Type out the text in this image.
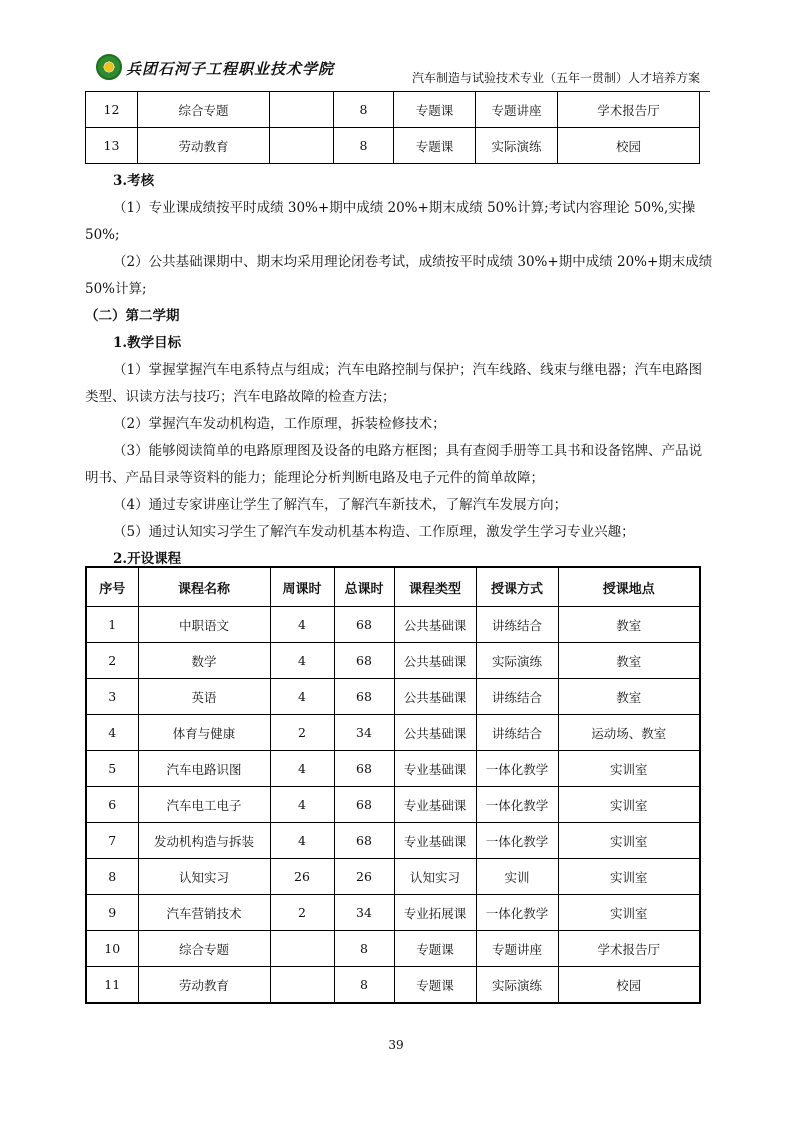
兵团石河子工程职业技术学院	汽车制造与试验技术专业（五年一贯制）人才培养方案
12	综合专题		8	专题课	专题讲座	学术报告厅
13	劳动教育		8	专题课	实际演练	校园
3.考核
（1）专业课成绩按平时成绩 30%+期中成绩 20%+期末成绩 50%计算;考试内容理论 50%,实操 50%;
（2）公共基础课期中、期末均采用理论闭卷考试，成绩按平时成绩 30%+期中成绩 20%+期末成绩 50%计算;
（二）第二学期
1.教学目标
（1）掌握掌握汽车电系特点与组成；汽车电路控制与保护；汽车线路、线束与继电器；汽车电路图类型、识读方法与技巧；汽车电路故障的检查方法；
（2）掌握汽车发动机构造，工作原理，拆装检修技术；
（3）能够阅读简单的电路原理图及设备的电路方框图；具有查阅手册等工具书和设备铭牌、产品说明书、产品目录等资料的能力；能理论分析判断电路及电子元件的简单故障；
（4）通过专家讲座让学生了解汽车，了解汽车新技术，了解汽车发展方向；
（5）通过认知实习学生了解汽车发动机基本构造、工作原理，激发学生学习专业兴趣；
2.开设课程
序号	课程名称	周课时	总课时	课程类型	授课方式	授课地点
1	中职语文	4	68	公共基础课	讲练结合	教室
2	数学	4	68	公共基础课	实际演练	教室
3	英语	4	68	公共基础课	讲练结合	教室
4	体育与健康	2	34	公共基础课	讲练结合	运动场、教室
5	汽车电路识图	4	68	专业基础课	一体化教学	实训室
6	汽车电工电子	4	68	专业基础课	一体化教学	实训室
7	发动机构造与拆装	4	68	专业基础课	一体化教学	实训室
8	认知实习	26	26	认知实习	实训	实训室
9	汽车营销技术	2	34	专业拓展课	一体化教学	实训室
10	综合专题		8	专题课	专题讲座	学术报告厅
11	劳动教育		8	专题课	实际演练	校园
39
